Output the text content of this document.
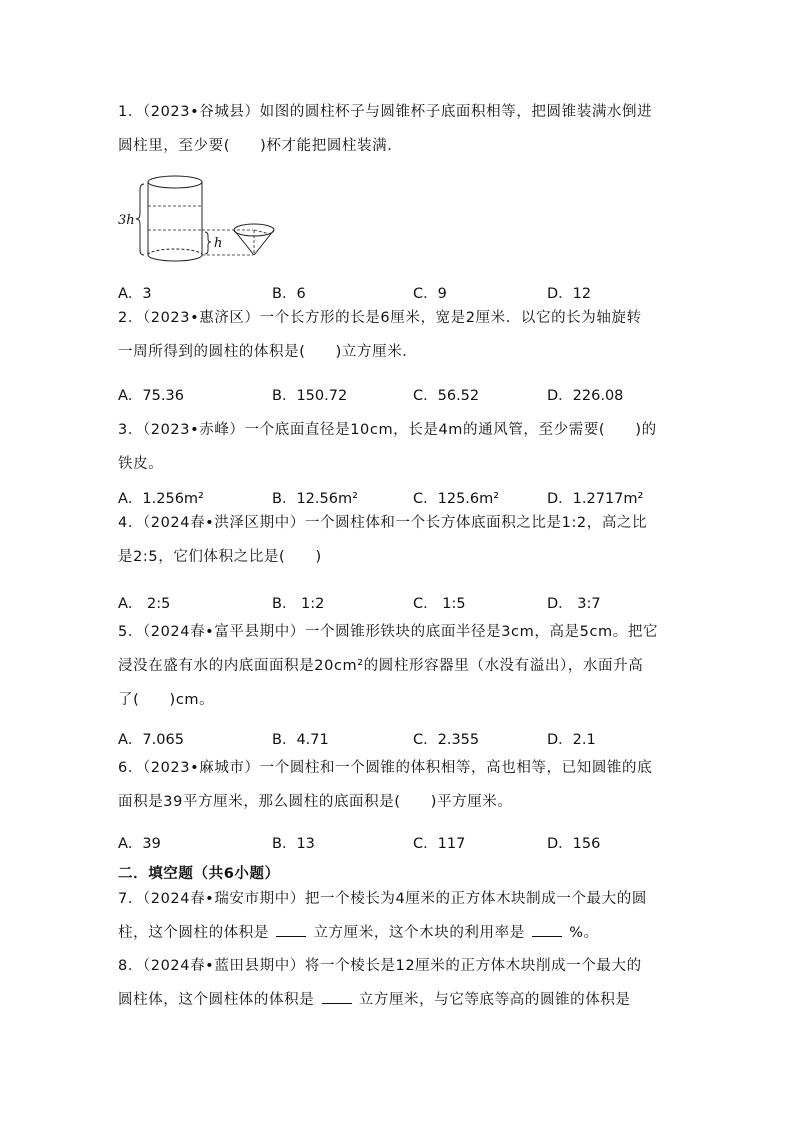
1．（2023•谷城县）如图的圆柱杯子与圆锥杯子底面积相等，把圆锥装满水倒进
圆柱里，至少要(　　)杯才能把圆柱装满．
3h
h
A．3	B．6	C．9	D．12
2．（2023•惠济区）一个长方形的长是6厘米，宽是2厘米．以它的长为轴旋转
一周所得到的圆柱的体积是(　　)立方厘米．
A．75.36	B．150.72	C．56.52	D．226.08
3．（2023•赤峰）一个底面直径是10cm，长是4m的通风管，至少需要(　　)的
铁皮。
A．1.256m²	B．12.56m²	C．125.6m²	D．1.2717m²
4．（2024春•洪泽区期中）一个圆柱体和一个长方体底面积之比是1:2，高之比
是2:5，它们体积之比是(　　)
A． 2:5	B． 1:2	C． 1:5	D． 3:7
5．（2024春•富平县期中）一个圆锥形铁块的底面半径是3cm，高是5cm。把它
浸没在盛有水的内底面面积是20cm²的圆柱形容器里（水没有溢出），水面升高
了(　　)cm。
A．7.065	B．4.71	C．2.355	D．2.1
6．（2023•麻城市）一个圆柱和一个圆锥的体积相等，高也相等，已知圆锥的底
面积是39平方厘米，那么圆柱的底面积是(　　)平方厘米。
A．39	B．13	C．117	D．156
二．填空题（共6小题）
7．（2024春•瑞安市期中）把一个棱长为4厘米的正方体木块制成一个最大的圆
柱，这个圆柱的体积是	立方厘米，这个木块的利用率是	%。
8．（2024春•蓝田县期中）将一个棱长是12厘米的正方体木块削成一个最大的
圆柱体，这个圆柱体的体积是	立方厘米，与它等底等高的圆锥的体积是
